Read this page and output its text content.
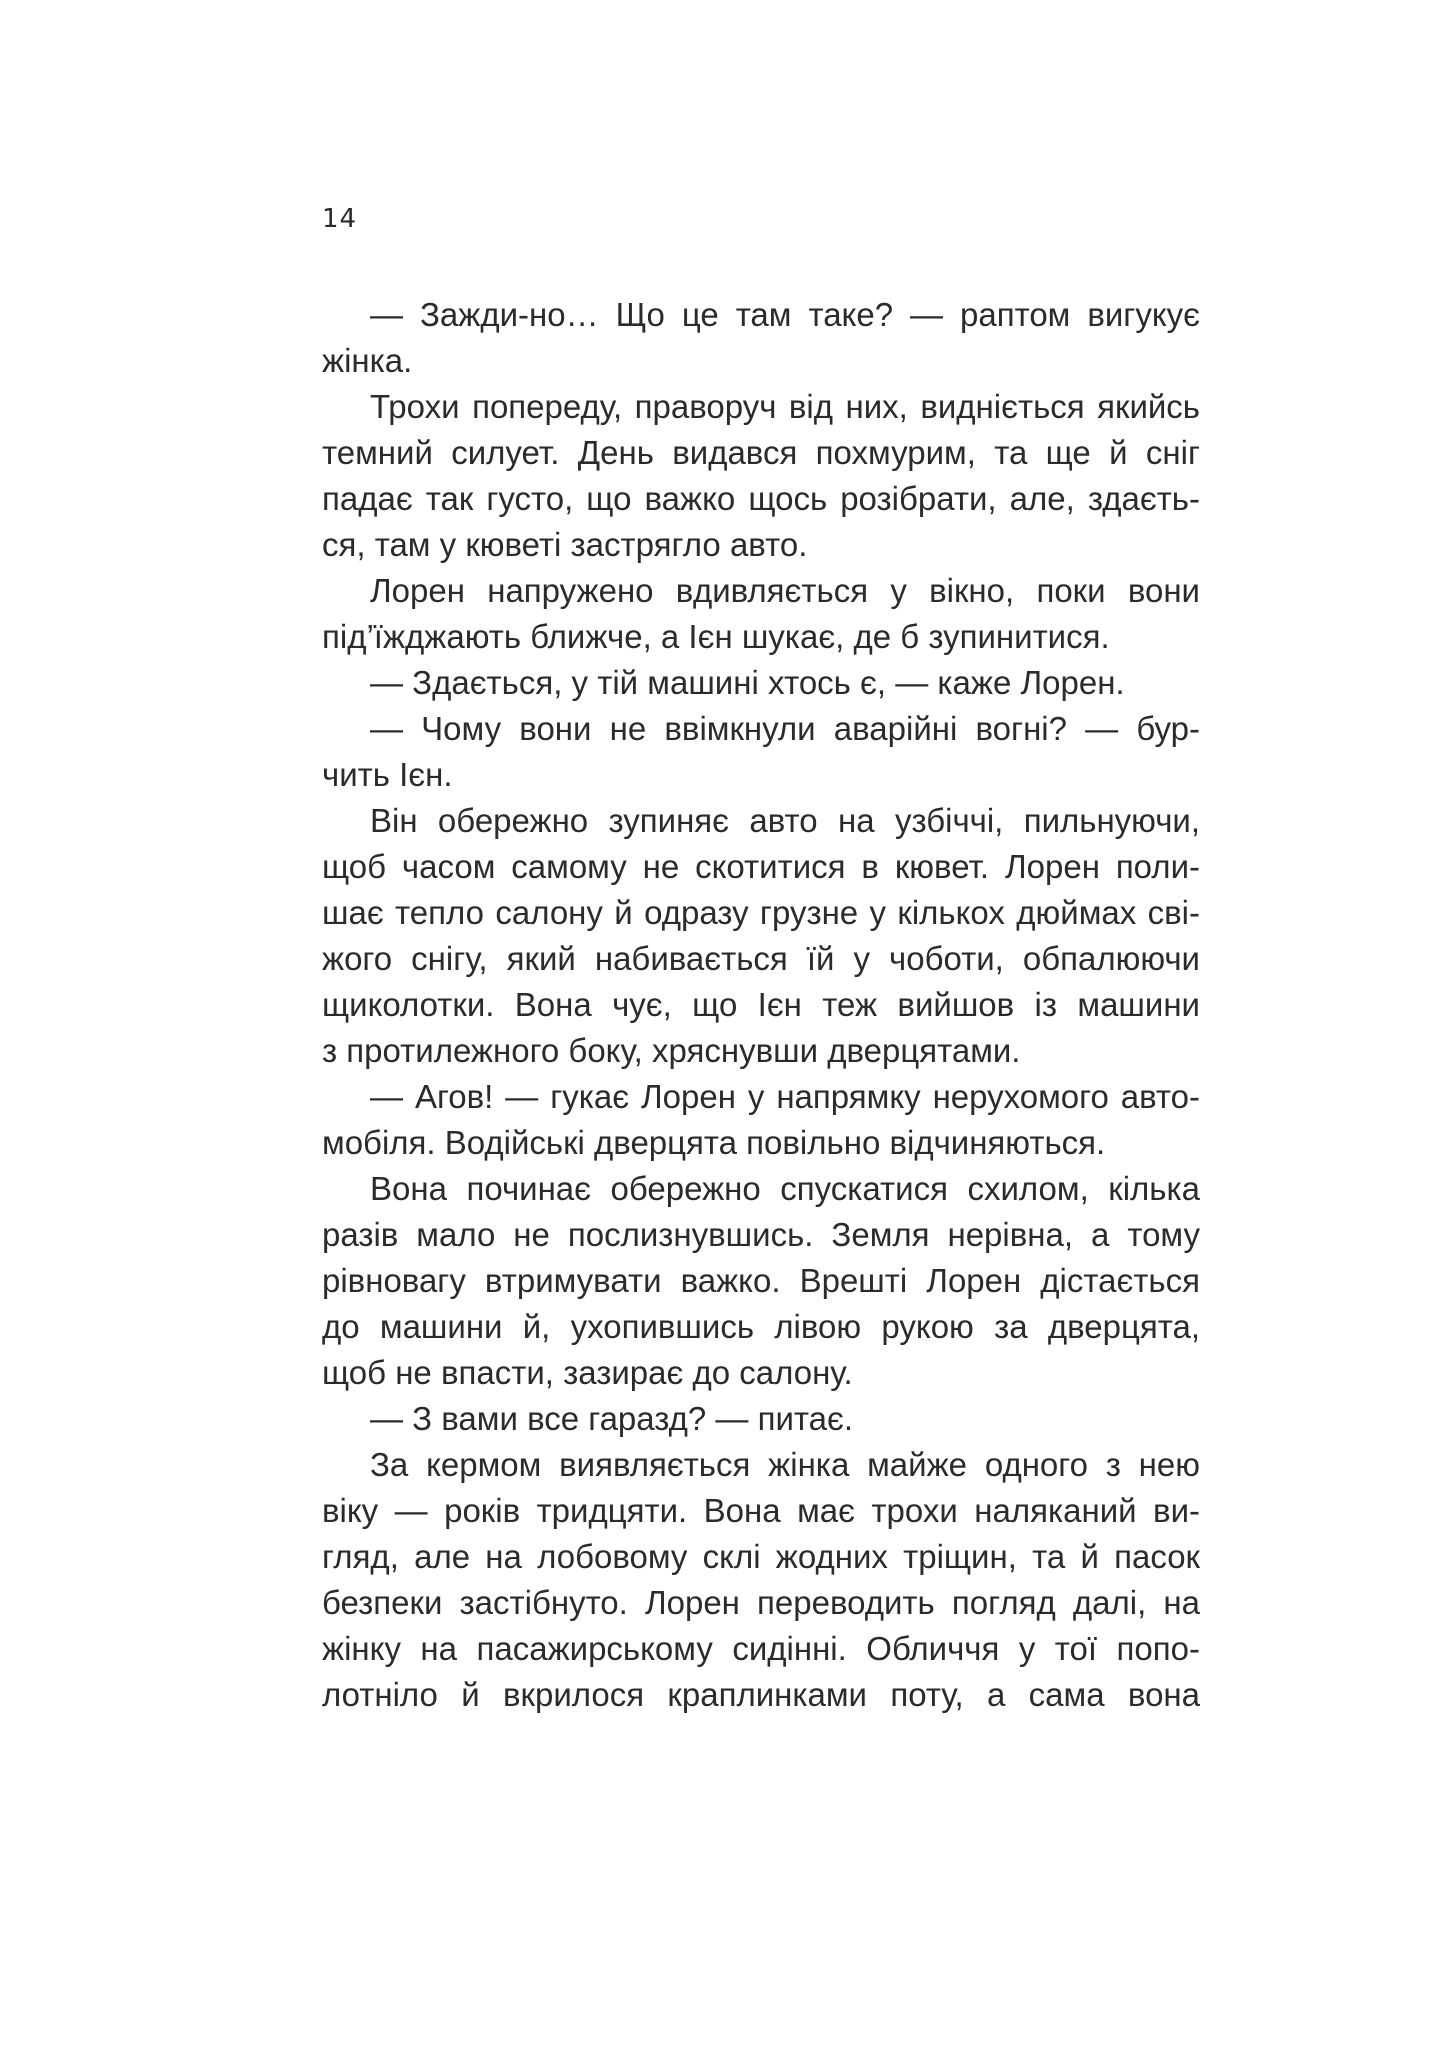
14
— Зажди-но… Що це там таке? — раптом вигукує
жінка.
Трохи попереду, праворуч від них, видніється якийсь
темний силует. День видався похмурим, та ще й сніг
падає так густо, що важко щось розібрати, але, здаєть-
ся, там у кюветі застрягло авто.
Лорен напружено вдивляється у вікно, поки вони
під’їжджають ближче, а Ієн шукає, де б зупинитися.
— Здається, у тій машині хтось є, — каже Лорен.
— Чому вони не ввімкнули аварійні вогні? — бур-
чить Ієн.
Він обережно зупиняє авто на узбіччі, пильнуючи,
щоб часом самому не скотитися в кювет. Лорен поли-
шає тепло салону й одразу грузне у кількох дюймах сві-
жого снігу, який набивається їй у чоботи, обпалюючи
щиколотки. Вона чує, що Ієн теж вийшов із машини
з протилежного боку, хряснувши дверцятами.
— Агов! — гукає Лорен у напрямку нерухомого авто-
мобіля. Водійські дверцята повільно відчиняються.
Вона починає обережно спускатися схилом, кілька
разів мало не послизнувшись. Земля нерівна, а тому
рівновагу втримувати важко. Врешті Лорен дістається
до машини й, ухопившись лівою рукою за дверцята,
щоб не впасти, зазирає до салону.
— З вами все гаразд? — питає.
За кермом виявляється жінка майже одного з нею
віку — років тридцяти. Вона має трохи наляканий ви-
гляд, але на лобовому склі жодних тріщин, та й пасок
безпеки застібнуто. Лорен переводить погляд далі, на
жінку на пасажирському сидінні. Обличчя у тої попо-
лотніло й вкрилося краплинками поту, а сама вона
